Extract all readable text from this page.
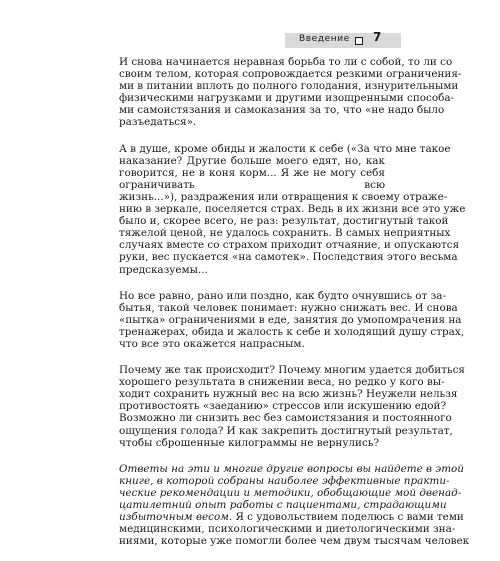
Введение 7

И снова начинается неравная борьба то ли с собой, то ли со
своим телом, которая сопровождается резкими ограничения-
ми в питании вплоть до полного голодания, изнурительными
физическими нагрузками и другими изощренными способа-
ми самоистязания и самоказания за то, что «не надо было
разъедаться».

А в душе, кроме обиды и жалости к себе («За что мне такое
наказание? Другие больше моего едят, но, как говорится, не в коня корм... Я же не могу себя ограничивать всю
жизнь...»), раздражения или отвращения к своему отраже-
нию в зеркале, поселяется страх. Ведь в их жизни все это уже
было и, скорее всего, не раз: результат, достигнутый такой
тяжелой ценой, не удалось сохранить. В самых неприятных
случаях вместе со страхом приходит отчаяние, и опускаются
руки, вес пускается «на самотек». Последствия этого весьма
предсказуемы...

Но все равно, рано или поздно, как будто очнувшись от за-
бытья, такой человек понимает: нужно снижать вес. И снова
«пытка» ограничениями в еде, занятия до умопомрачения на
тренажерах, обида и жалость к себе и холодящий душу страх,
что все это окажется напрасным.

Почему же так происходит? Почему многим удается добиться
хорошего результата в снижении веса, но редко у кого вы-
ходит сохранить нужный вес на всю жизнь? Неужели нельзя
противостоять «заеданию» стрессов или искушению едой?
Возможно ли снизить вес без самоистязания и постоянного
ощущения голода? И как закрепить достигнутый результат,
чтобы сброшенные килограммы не вернулись?

Ответы на эти и многие другие вопросы вы найдете в этой
книге, в которой собраны наиболее эффективные практи-
ческие рекомендации и методики, обобщающие мой двенад-
цатилетний опыт работы с пациентами, страдающими
избыточным весом. Я с удовольствием поделюсь с вами теми
медицинскими, психологическими и диетологическими зна-
ниями, которые уже помогли более чем двум тысячам человек
